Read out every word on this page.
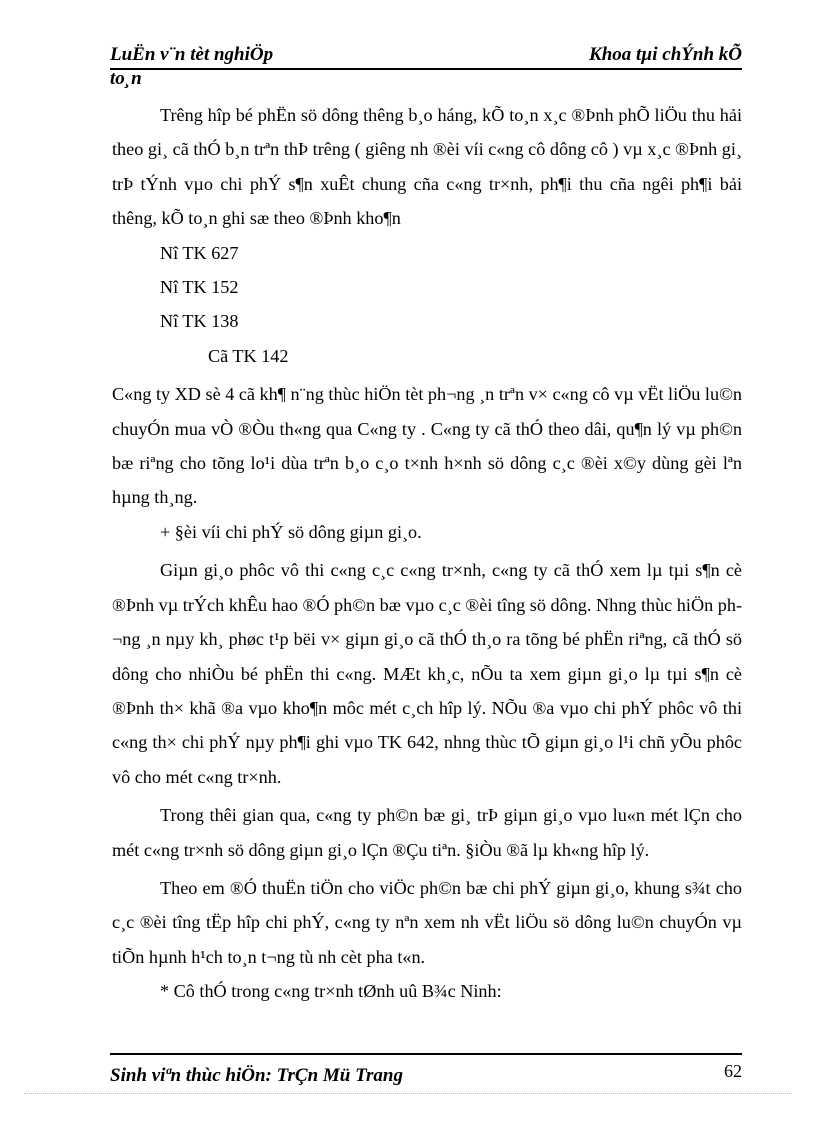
LuËn v¨n tèt nghiÖp	Khoa tµi chÝnh kÕ
to¸n

Trêng hîp bé phËn sö dông thêng b¸o háng, kÕ to¸n x¸c ®Þnh phÕ liÖu thu hải theo gi¸ cã thÓ b¸n trªn thÞ trêng ( giêng nh ®èi víi c«ng cô dông cô ) vµ x¸c ®Þnh gi¸ trÞ tÝnh vµo chi phÝ s¶n xuÊt chung cña c«ng tr×nh, ph¶i thu cña ngêi ph¶i bải thêng, kÕ to¸n ghi sæ theo ®Þnh kho¶n

Nî TK 627

Nî TK 152

Nî TK 138

Cã TK 142

C«ng ty XD sè 4 cã kh¶ n¨ng thùc hiÖn tèt ph¬ng ¸n trªn v× c«ng cô vµ vËt liÖu lu©n chuyÓn mua vÒ ®Òu th«ng qua C«ng ty . C«ng ty cã thÓ theo dâi, qu¶n lý vµ ph©n bæ riªng cho tõng lo¹i dùa trªn b¸o c¸o t×nh h×nh sö dông c¸c ®èi x©y dùng gèi lªn hµng th¸ng.

+ §èi víi chi phÝ sö dông giµn gi¸o.

Giµn gi¸o phôc vô thi c«ng c¸c c«ng tr×nh, c«ng ty cã thÓ xem lµ tµi s¶n cè ®Þnh vµ trÝch khÊu hao ®Ó ph©n bæ vµo c¸c ®èi tîng sö dông. Nhng thùc hiÖn ph¬ng ¸n nµy kh¸ phøc t¹p bëi v× giµn gi¸o cã thÓ th¸o ra tõng bé phËn riªng, cã thÓ sö dông cho nhiÒu bé phËn thi c«ng. MÆt kh¸c, nÕu ta xem giµn gi¸o lµ tµi s¶n cè ®Þnh th× khã ®a vµo kho¶n môc mét c¸ch hîp lý. NÕu ®a vµo chi phÝ phôc vô thi c«ng th× chi phÝ nµy ph¶i ghi vµo TK 642, nhng thùc tÕ giµn gi¸o l¹i chñ yÕu phôc vô cho mét c«ng tr×nh.

Trong thêi gian qua, c«ng ty ph©n bæ gi¸ trÞ giµn gi¸o vµo lu«n mét lÇn cho mét c«ng tr×nh sö dông giµn gi¸o lÇn ®Çu tiªn. §iÒu ®ã lµ kh«ng hîp lý.

Theo em ®Ó thuËn tiÖn cho viÖc ph©n bæ chi phÝ giµn gi¸o, khung s¾t cho c¸c ®èi tîng tËp hîp chi phÝ, c«ng ty nªn xem nh vËt liÖu sö dông lu©n chuyÓn vµ tiÕn hµnh h¹ch to¸n t¬ng tù nh cèt pha t«n.

* Cô thÓ trong c«ng tr×nh tØnh uû B¾c Ninh:

Sinh viªn thùc hiÖn: TrÇn Mü Trang	62
